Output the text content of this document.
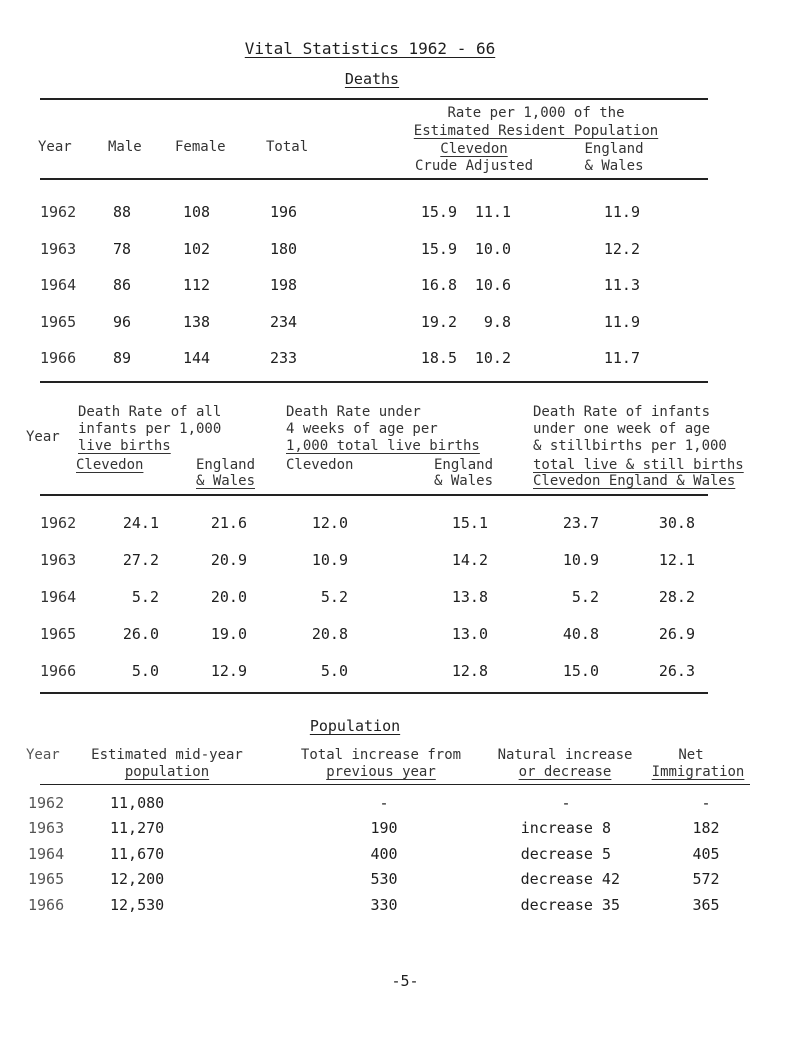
Vital Statistics 1962 - 66
Deaths
Year	Male Female	Total
Rate per 1,000 of the
Estimated Resident Population
Clevedon
Crude Adjusted
England
& Wales
1962 88	108	196	15.9 11.1	11.9
1963 78	102	180	15.9 10.0	12.2
1964 86	112	198	16.8 10.6	11.3
1965 96	138	234	19.2 9.8	11.9
1966 89	144	233	18.5 10.2	11.7
Year
Death Rate of all
infants per 1,000
live births
Clevedon	England
& Wales
Death Rate under
4 weeks of age per
1,000 total live births
Clevedon	England
& Wales
Death Rate of infants
under one week of age
& stillbirths per 1,000
total live & still births
Clevedon England & Wales
1962	24.1	21.6	12.0	15.1	23.7	30.8
1963	27.2	20.9	10.9	14.2	10.9	12.1
1964	5.2	20.0	5.2	13.8	5.2	28.2
1965	26.0	19.0	20.8	13.0	40.8	26.9
1966	5.0	12.9	5.0	12.8	15.0	26.3
Population
Year Estimated mid-year
population
Total increase from
previous year
Natural increase
or decrease
Net
Immigration
1962	11,080	-	-	-
1963	11,270	190	increase 8	182
1964	11,670	400	decrease 5	405
1965	12,200	530	decrease 42	572
1966	12,530	330	decrease 35	365
-5-
